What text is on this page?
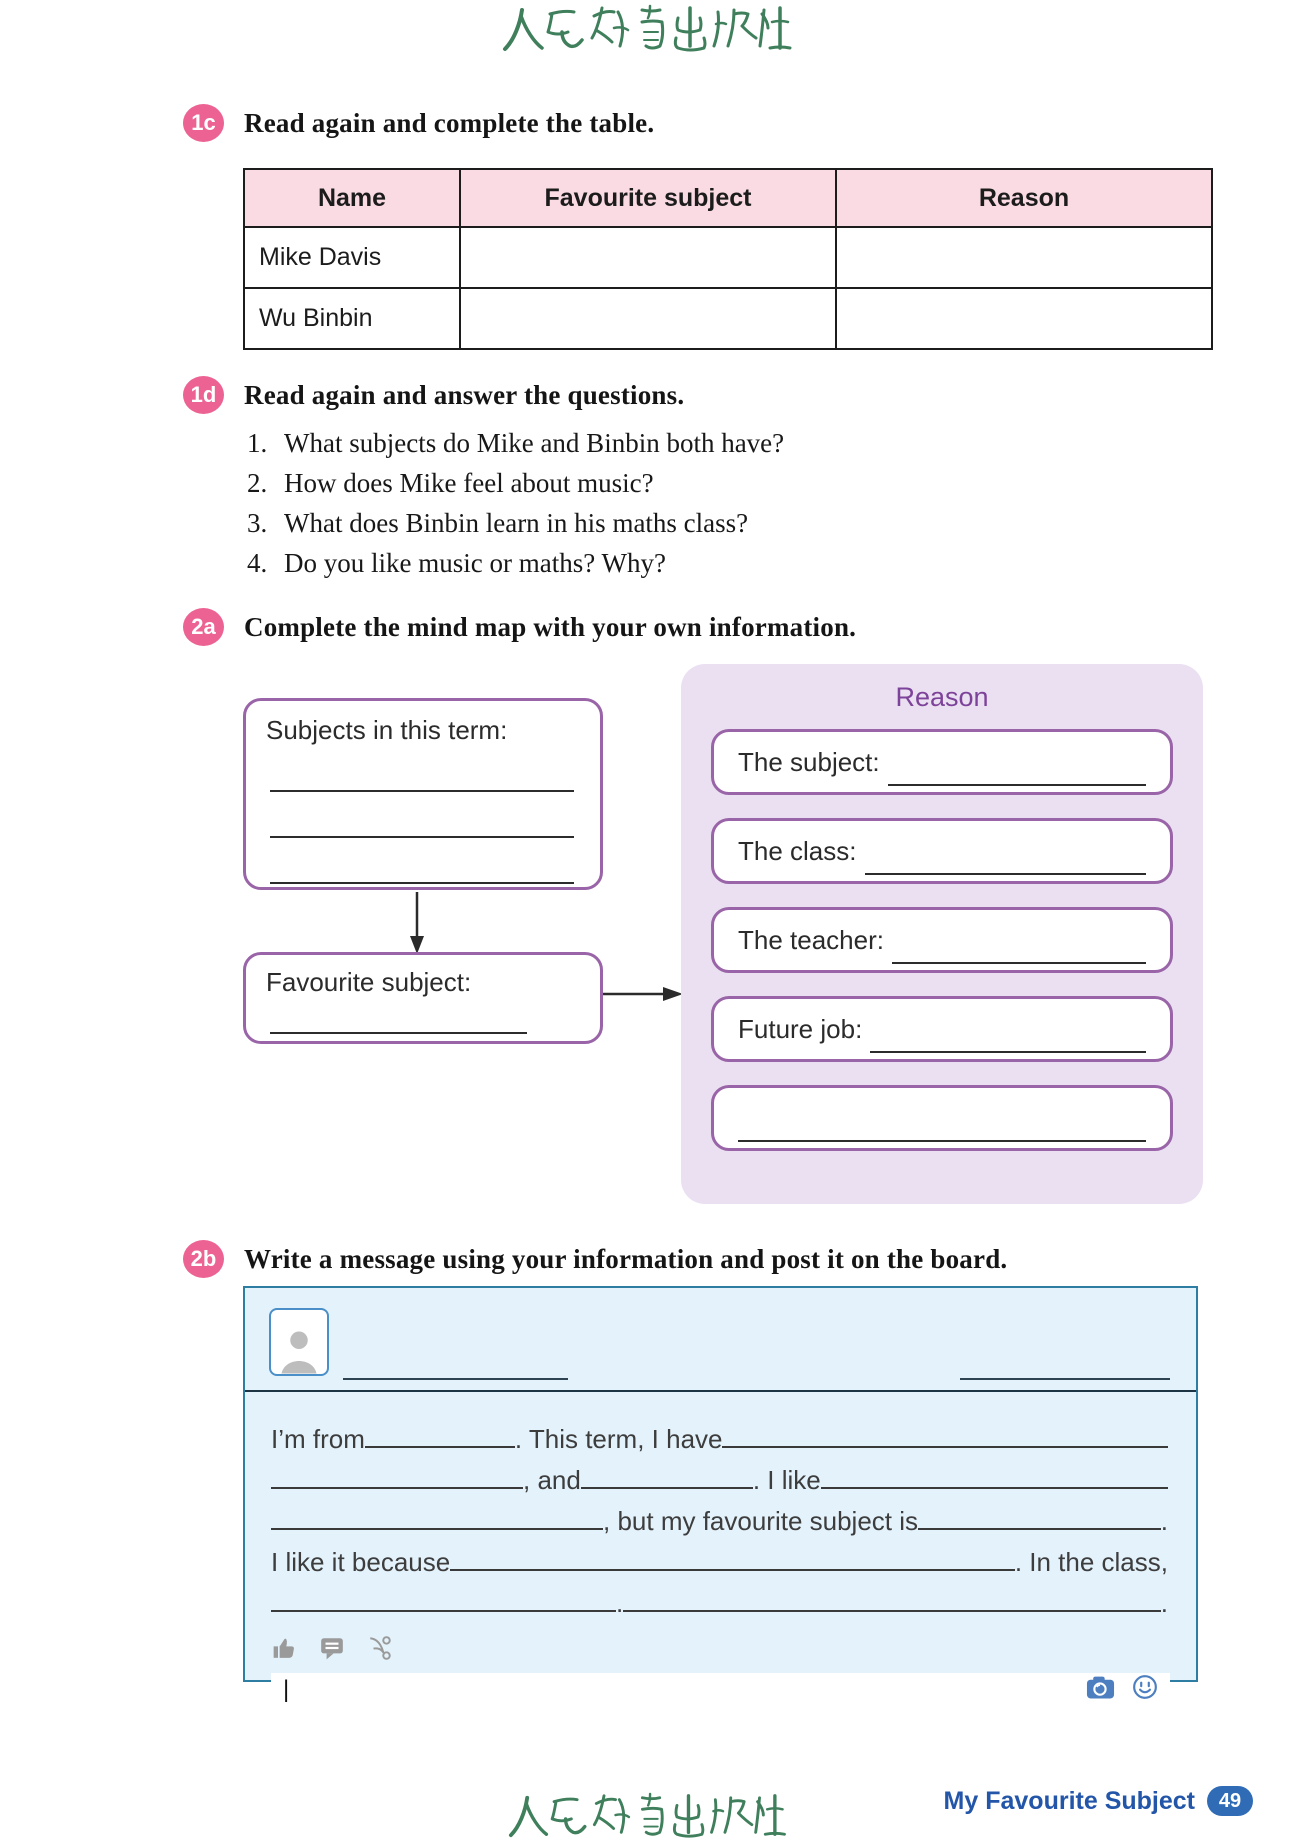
1c	Read again and complete the table.
Name	Favourite subject	Reason
Mike Davis		
Wu Binbin		
1d Read again and answer the questions.
1. What subjects do Mike and Binbin both have?
2. How does Mike feel about music?
3. What does Binbin learn in his maths class?
4. Do you like music or maths? Why?
2a	Complete the mind map with your own information.
Subjects in this term:
Favourite subject:
Reason
The subject:
The class:
The teacher:
Future job:
2b Write a message using your information and post it on the board.
I’m from	. This term, I have
, and	. I like
, but my favourite subject is	.
I like it because	. In the class,
.	.
|
My Favourite Subject	49
